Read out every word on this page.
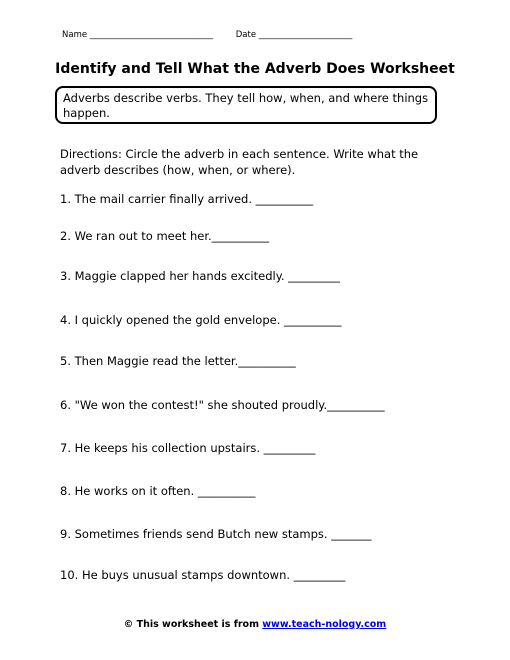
Name _____________________________	Date ______________________
Identify and Tell What the Adverb Does Worksheet
Adverbs describe verbs. They tell how, when, and where things happen.
Directions: Circle the adverb in each sentence. Write what the adverb describes (how, when, or where).
1. The mail carrier finally arrived. __________
2. We ran out to meet her.__________
3. Maggie clapped her hands excitedly. _________
4. I quickly opened the gold envelope. __________
5. Then Maggie read the letter.__________
6. "We won the contest!" she shouted proudly.__________
7. He keeps his collection upstairs. _________
8. He works on it often. __________
9. Sometimes friends send Butch new stamps. _______
10. He buys unusual stamps downtown. _________
© This worksheet is from www.teach-nology.com
